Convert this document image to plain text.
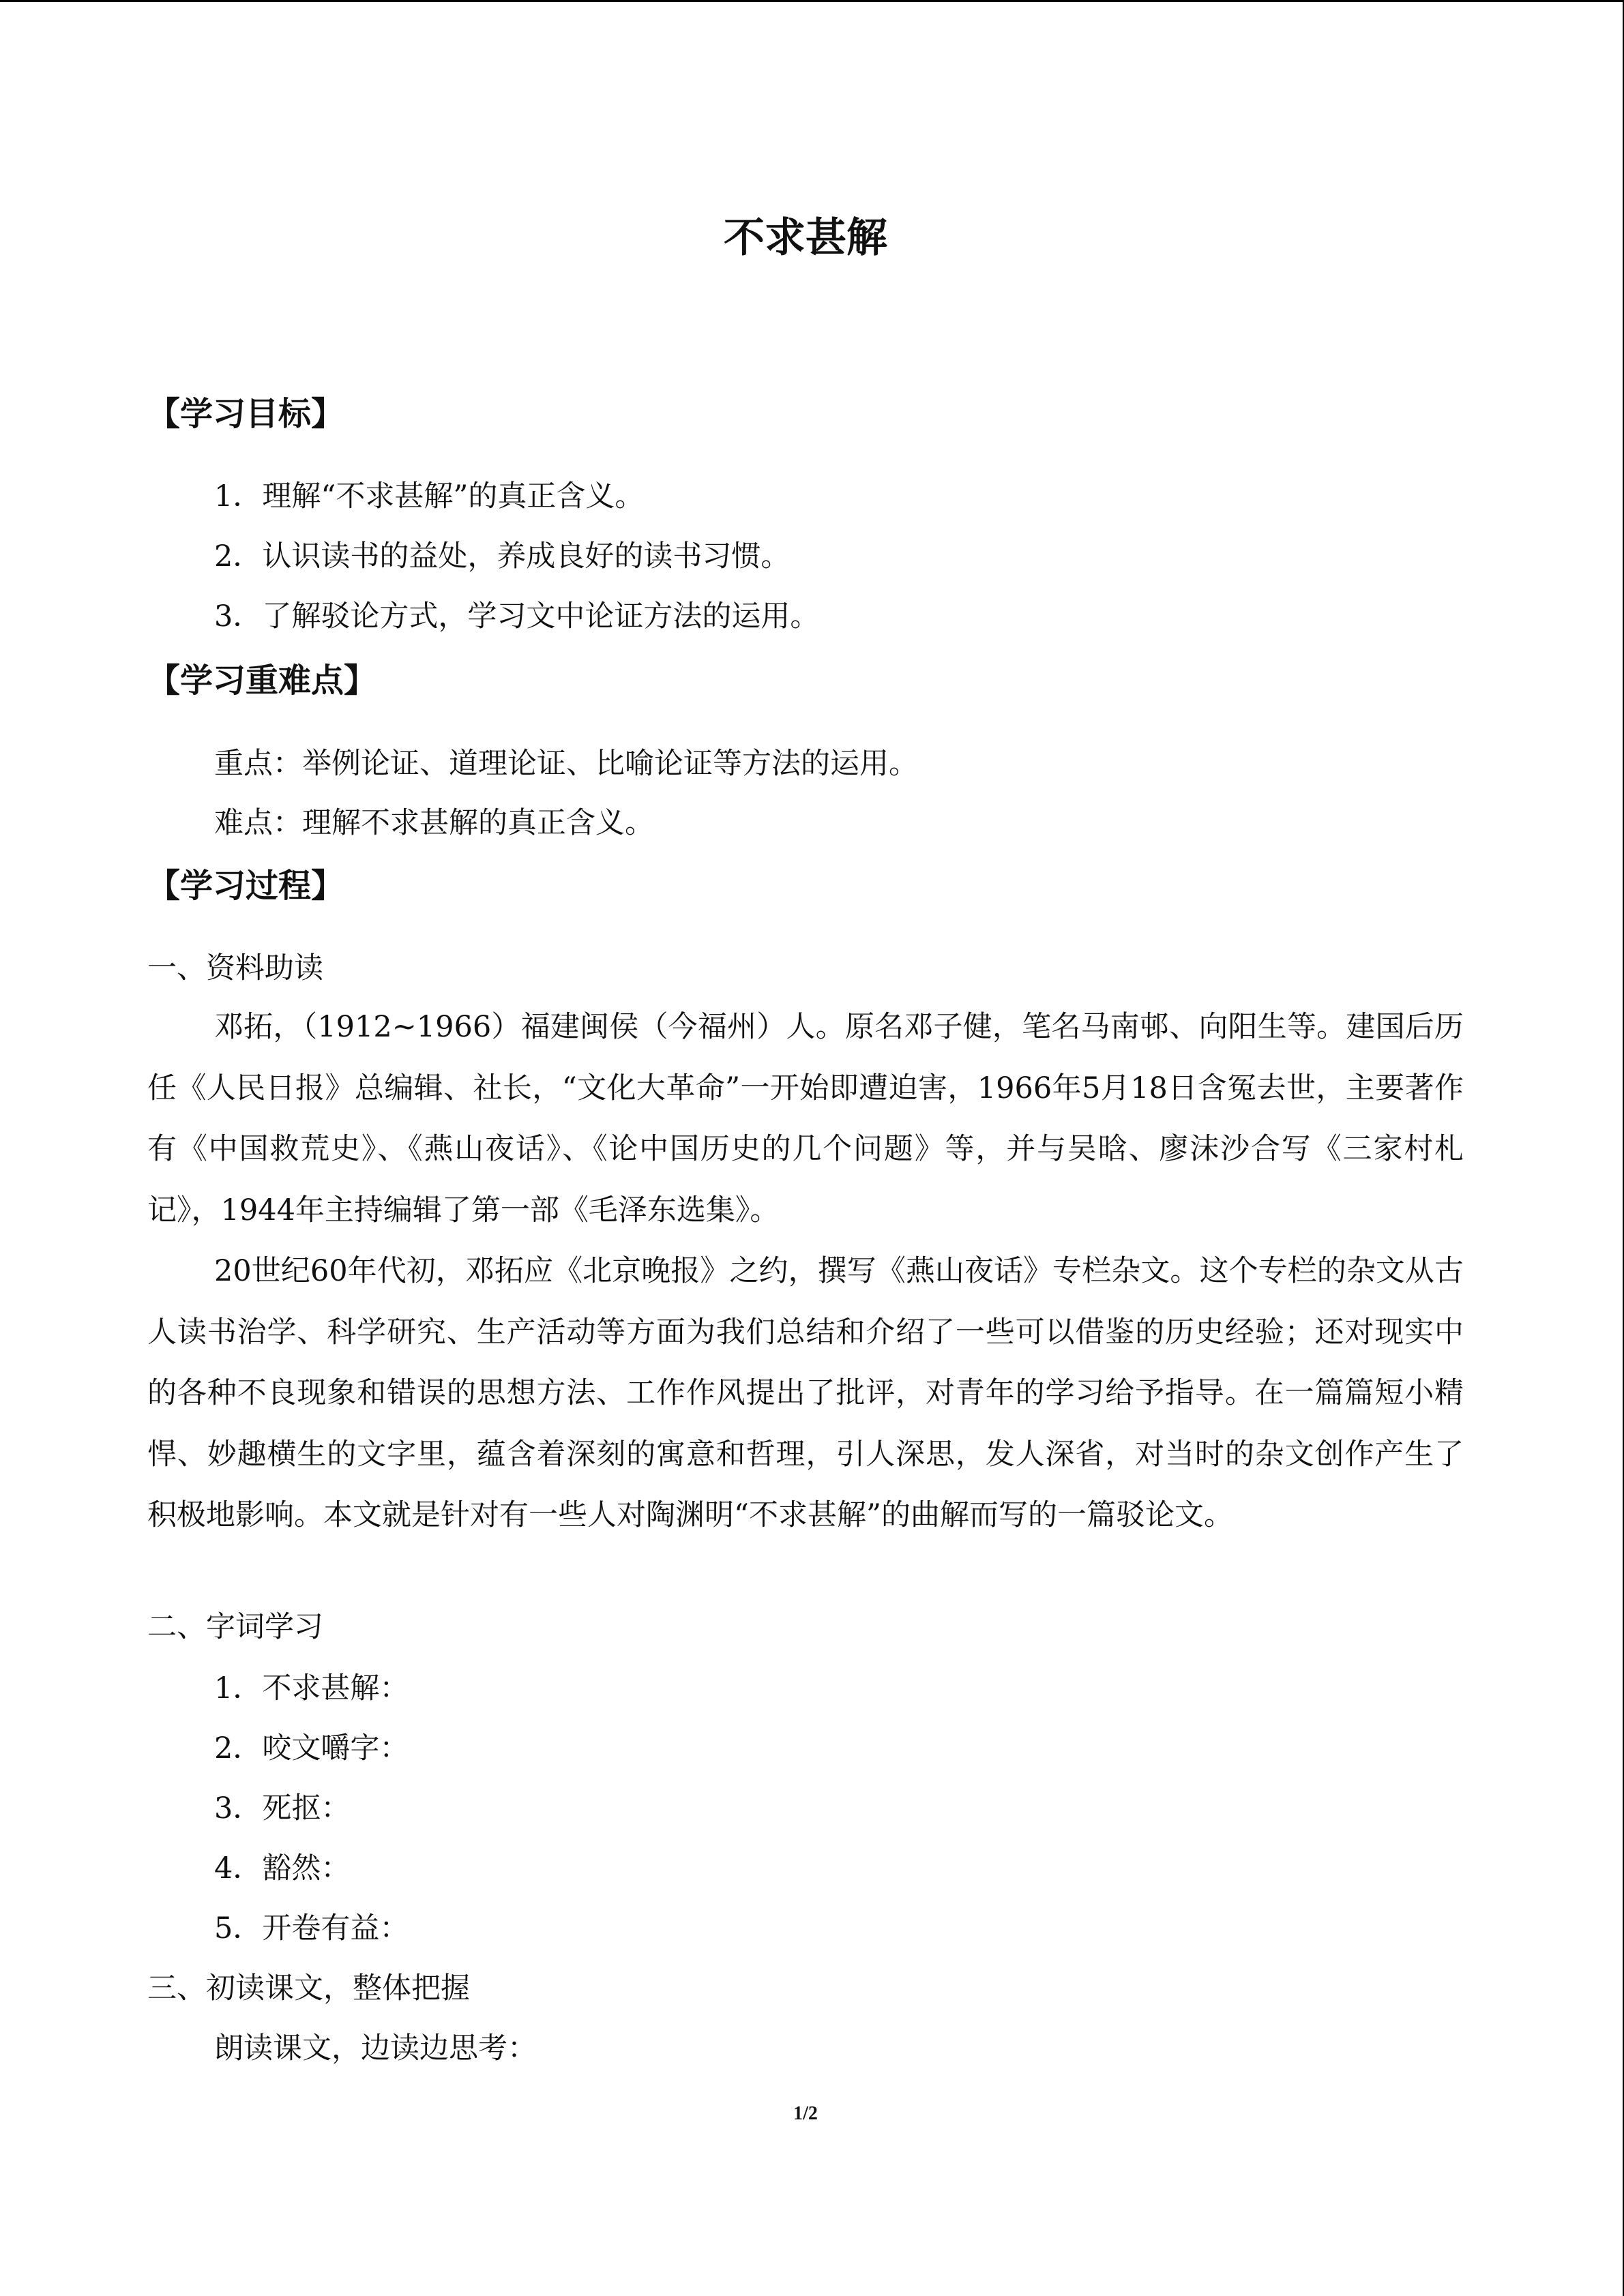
不求甚解
【学习目标】
1．理解“不求甚解”的真正含义。
2．认识读书的益处，养成良好的读书习惯。
3．了解驳论方式，学习文中论证方法的运用。
【学习重难点】
重点：举例论证、道理论证、比喻论证等方法的运用。
难点：理解不求甚解的真正含义。
【学习过程】
一、资料助读
邓拓，（1912~1966）福建闽侯（今福州）人。原名邓子健，笔名马南邨、向阳生等。建国后历任《人民日报》总编辑、社长，“文化大革命”一开始即遭迫害，1966年5月18日含冤去世，主要著作有《中国救荒史》、《燕山夜话》、《论中国历史的几个问题》等，并与吴晗、廖沫沙合写《三家村札记》，1944年主持编辑了第一部《毛泽东选集》。
20世纪60年代初，邓拓应《北京晚报》之约，撰写《燕山夜话》专栏杂文。这个专栏的杂文从古人读书治学、科学研究、生产活动等方面为我们总结和介绍了一些可以借鉴的历史经验；还对现实中的各种不良现象和错误的思想方法、工作作风提出了批评，对青年的学习给予指导。在一篇篇短小精悍、妙趣横生的文字里，蕴含着深刻的寓意和哲理，引人深思，发人深省，对当时的杂文创作产生了积极地影响。本文就是针对有一些人对陶渊明“不求甚解”的曲解而写的一篇驳论文。
二、字词学习
1．不求甚解：
2．咬文嚼字：
3．死抠：
4．豁然：
5．开卷有益：
三、初读课文，整体把握
朗读课文，边读边思考：
1/2
